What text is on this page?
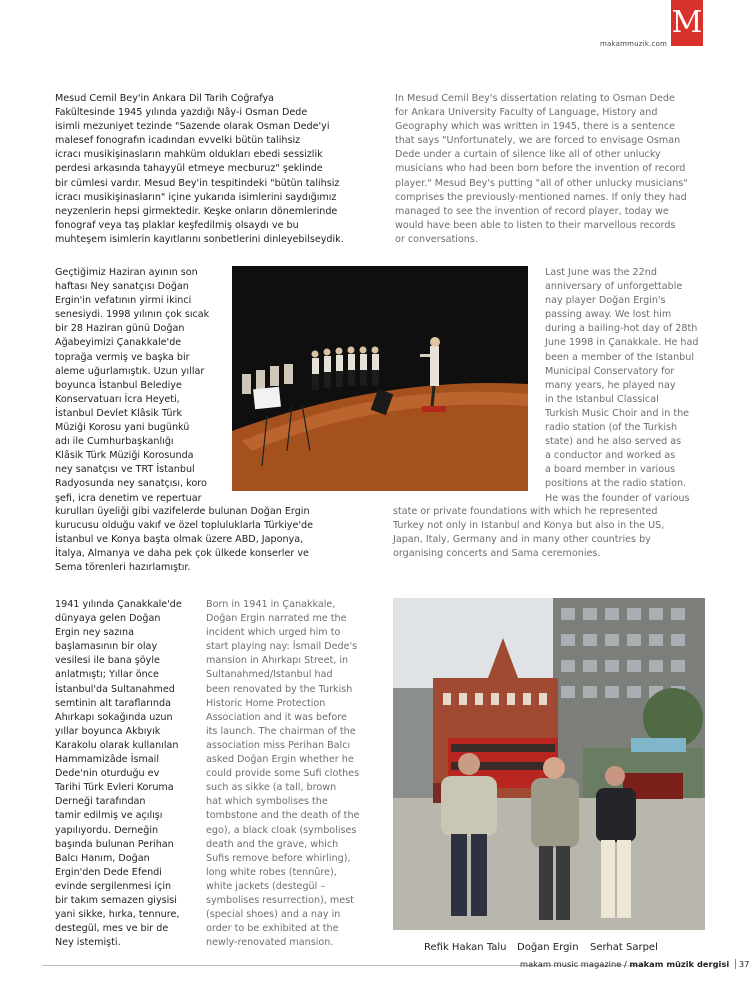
M
makammuzik.com

Mesud Cemil Bey'in Ankara Dil Tarih Coğrafya
Fakültesinde 1945 yılında yazdığı Nây-i Osman Dede
isimli mezuniyet tezinde "Sazende olarak Osman Dede'yi
malesef fonografın icadından evvelki bütün talihsiz
icracı musikişinasların mahküm oldukları ebedi sessizlik
perdesi arkasında tahayyül etmeye mecburuz" şeklinde
bir cümlesi vardır. Mesud Bey'in tespitindeki "bütün talihsiz
icracı musikişinasların" içine yukarıda isimlerini saydığımız
neyzenlerin hepsi girmektedir. Keşke onların dönemlerinde
fonograf veya taş plaklar keşfedilmiş olsaydı ve bu
muhteşem isimlerin kayıtlarını sonbetlerini dinleyebilseydik.

In Mesud Cemil Bey's dissertation relating to Osman Dede
for Ankara University Faculty of Language, History and
Geography which was written in 1945, there is a sentence
that says "Unfortunately, we are forced to envisage Osman
Dede under a curtain of silence like all of other unlucky
musicians who had been born before the invention of record
player." Mesud Bey's putting "all of other unlucky musicians"
comprises the previously-mentioned names. If only they had
managed to see the invention of record player, today we
would have been able to listen to their marvellous records
or conversations.

Geçtiğimiz Haziran ayının son
haftası Ney sanatçısı Doğan
Ergin'in vefatının yirmi ikinci
senesiydi. 1998 yılının çok sıcak
bir 28 Haziran günü Doğan
Ağabeyimizi Çanakkale'de
toprağa vermiş ve başka bir
aleme uğurlamıştık. Uzun yıllar
boyunca İstanbul Belediye
Konservatuarı İcra Heyeti,
İstanbul Devlet Klâsik Türk
Müziği Korosu yani bugünkü
adı ile Cumhurbaşkanlığı
Klâsik Türk Müziği Korosunda
ney sanatçısı ve TRT İstanbul
Radyosunda ney sanatçısı, koro
şefi, icra denetim ve repertuar

Last June was the 22nd
anniversary of unforgettable
nay player Doğan Ergin's
passing away. We lost him
during a bailing-hot day of 28th
June 1998 in Çanakkale. He had
been a member of the Istanbul
Municipal Conservatory for
many years, he played nay
in the Istanbul Classical
Turkish Music Choir and in the
radio station (of the Turkish
state) and he also served as
a conductor and worked as
a board member in various
positions at the radio station.
He was the founder of various

kurulları üyeliği gibi vazifelerde bulunan Doğan Ergin
kurucusu olduğu vakıf ve özel topluluklarla Türkiye'de
İstanbul ve Konya başta olmak üzere ABD, Japonya,
İtalya, Almanya ve daha pek çok ülkede konserler ve
Sema törenleri hazırlamıştır.

state or private foundations with which he represented
Turkey not only in Istanbul and Konya but also in the US,
Japan, Italy, Germany and in many other countries by
organising concerts and Sama ceremonies.

1941 yılında Çanakkale'de
dünyaya gelen Doğan
Ergin ney sazına
başlamasının bir olay
vesilesi ile bana şöyle
anlatmıştı; Yıllar önce
İstanbul'da Sultanahmed
semtinin alt taraflarında
Ahırkapı sokağında uzun
yıllar boyunca Akbıyık
Karakolu olarak kullanılan
Hammamizâde İsmail
Dede'nin oturduğu ev
Tarihi Türk Evleri Koruma
Derneği tarafından
tamir edilmiş ve açılışı
yapılıyordu. Derneğin
başında bulunan Perihan
Balcı Hanım, Doğan
Ergin'den Dede Efendi
evinde sergilenmesi için
bir takım semazen giysisi
yani sikke, hırka, tennure,
destegül, mes ve bir de
Ney istemişti.

Born in 1941 in Çanakkale,
Doğan Ergin narrated me the
incident which urged him to
start playing nay: İsmail Dede's
mansion in Ahırkapı Street, in
Sultanahmed/Istanbul had
been renovated by the Turkish
Historic Home Protection
Association and it was before
its launch. The chairman of the
association miss Perihan Balcı
asked Doğan Ergin whether he
could provide some Sufi clothes
such as sikke (a tall, brown
hat which symbolises the
tombstone and the death of the
ego), a black cloak (symbolises
death and the grave, which
Sufis remove before whirling),
long white robes (tennûre),
white jackets (destegül –
symbolises resurrection), mest
(special shoes) and a nay in
order to be exhibited at the
newly-renovated mansion.	Refik Hakan Talu Doğan Ergin Serhat Sarpel
makam music magazine / makam müzik dergisi 37
